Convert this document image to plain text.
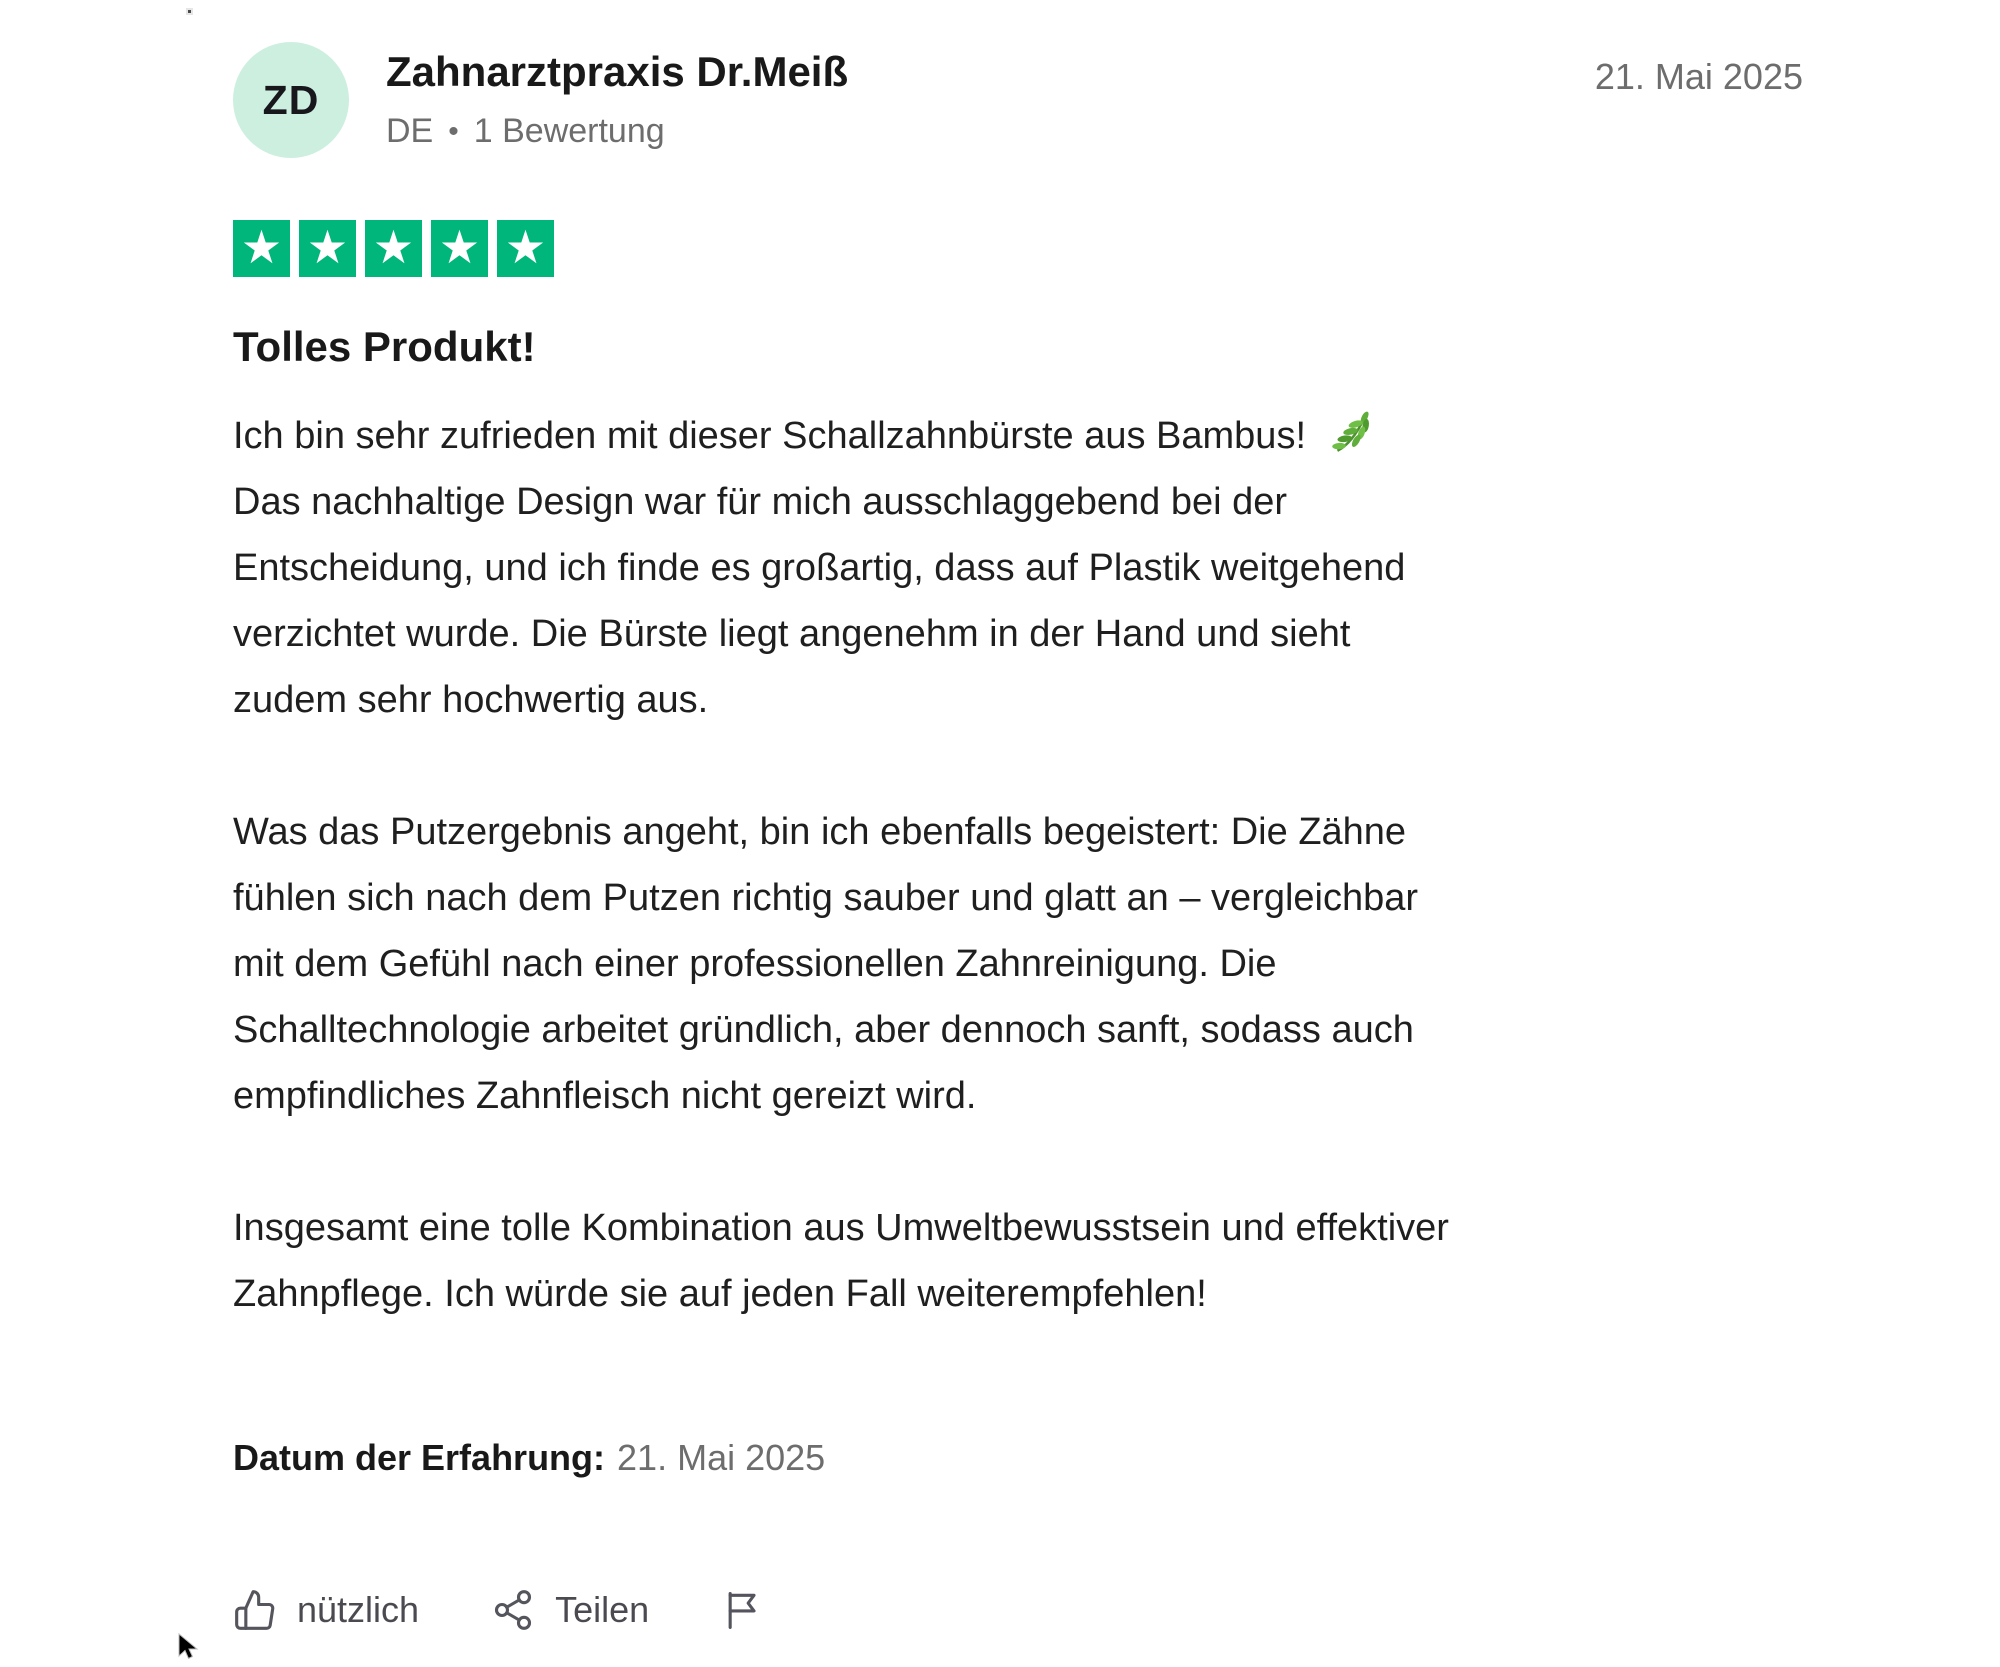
ZD
Zahnarztpraxis Dr.Meiß
DE • 1 Bewertung
21. Mai 2025
★ ★ ★ ★ ★
Tolles Produkt!

Ich bin sehr zufrieden mit dieser Schallzahnbürste aus Bambus!
Das nachhaltige Design war für mich ausschlaggebend bei der
Entscheidung, und ich finde es großartig, dass auf Plastik weitgehend
verzichtet wurde. Die Bürste liegt angenehm in der Hand und sieht
zudem sehr hochwertig aus.

Was das Putzergebnis angeht, bin ich ebenfalls begeistert: Die Zähne
fühlen sich nach dem Putzen richtig sauber und glatt an – vergleichbar
mit dem Gefühl nach einer professionellen Zahnreinigung. Die
Schalltechnologie arbeitet gründlich, aber dennoch sanft, sodass auch
empfindliches Zahnfleisch nicht gereizt wird.

Insgesamt eine tolle Kombination aus Umweltbewusstsein und effektiver
Zahnpflege. Ich würde sie auf jeden Fall weiterempfehlen!

Datum der Erfahrung: 21. Mai 2025
nützlich	Teilen
